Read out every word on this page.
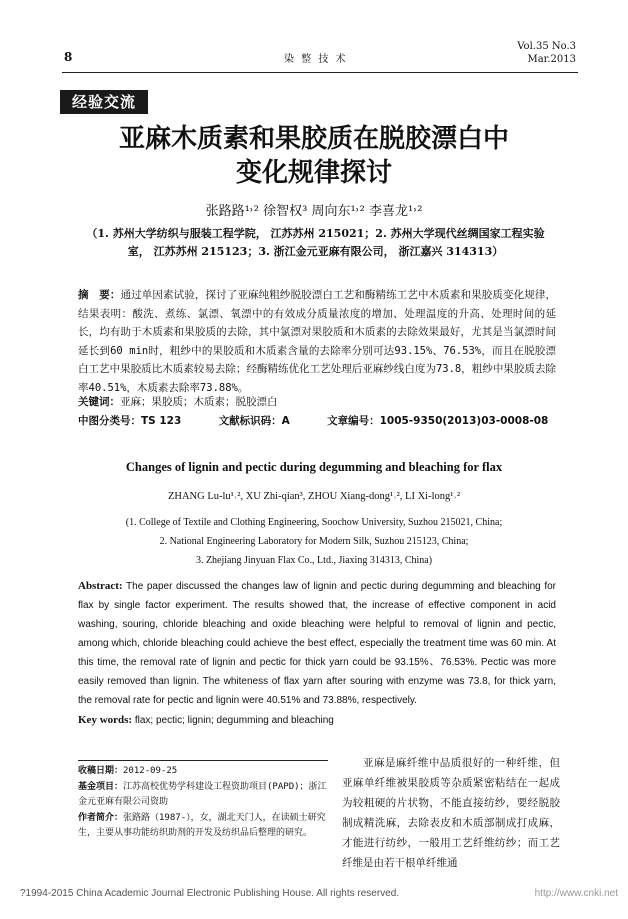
8	染 整 技 术
Vol.35 No.3
Mar.2013
经验交流
亚麻木质素和果胶质在脱胶漂白中
变化规律探讨
张路路¹˒² 徐智权³ 周向东¹˒² 李喜龙¹˒²
（1. 苏州大学纺织与服装工程学院， 江苏苏州 215021；2. 苏州大学现代丝绸国家工程实验室， 江苏苏州 215123；3. 浙江金元亚麻有限公司， 浙江嘉兴 314313）
摘　要：通过单因素试验，探讨了亚麻纯粗纱脱胶漂白工艺和酶精练工艺中木质素和果胶质变化规律，结果表明：酸洗、煮练、氯漂、氧漂中的有效成分质量浓度的增加、处理温度的升高、处理时间的延长，均有助于木质素和果胶质的去除，其中氯漂对果胶质和木质素的去除效果最好，尤其是当氯漂时间延长到60 min时，粗纱中的果胶质和木质素含量的去除率分别可达93.15%、76.53%，而且在脱胶漂白工艺中果胶质比木质素较易去除；经酶精练优化工艺处理后亚麻纱线白度为73.8，粗纱中果胶质去除率40.51%，木质素去除率73.88%。
关键词：亚麻；果胶质；木质素；脱胶漂白
中图分类号：TS 123	文献标识码：A	文章编号：1005-9350(2013)03-0008-08
Changes of lignin and pectic during degumming and bleaching for flax
ZHANG Lu-lu¹˒², XU Zhi-qian³, ZHOU Xiang-dong¹˒², LI Xi-long¹˒²
(1. College of Textile and Clothing Engineering, Soochow University, Suzhou 215021, China;
2. National Engineering Laboratory for Modern Silk, Suzhou 215123, China;
3. Zhejiang Jinyuan Flax Co., Ltd., Jiaxing 314313, China)
Abstract: The paper discussed the changes law of lignin and pectic during degumming and bleaching for flax by single factor experiment. The results showed that, the increase of effective component in acid washing, souring, chloride bleaching and oxide bleaching were helpful to removal of lignin and pectic, among which, chloride bleaching could achieve the best effect, especially the treatment time was 60 min. At this time, the removal rate of lignin and pectic for thick yarn could be 93.15%、76.53%. Pectic was more easily removed than lignin. The whiteness of flax yarn after souring with enzyme was 73.8, for thick yarn, the removal rate for pectic and lignin were 40.51% and 73.88%, respectively.
Key words: flax; pectic; lignin; degumming and bleaching
收稿日期：2012-09-25
基金项目：江苏高校优势学科建设工程资助项目(PAPD)；浙江金元亚麻有限公司资助
作者简介：张路路（1987-），女，湖北天门人，在读硕士研究生，主要从事功能纺织助剂的开发及纺织品后整理的研究。
亚麻是麻纤维中品质很好的一种纤维，但亚麻单纤维被果胶质等杂质紧密粘结在一起成为较粗硬的片状物，不能直接纺纱，要经脱胶制成精洗麻，去除表皮和木质部制成打成麻，才能进行纺纱，一般用工艺纤维纺纱；而工艺纤维是由若干根单纤维通
?1994-2015 China Academic Journal Electronic Publishing House. All rights reserved.	http://www.cnki.net
